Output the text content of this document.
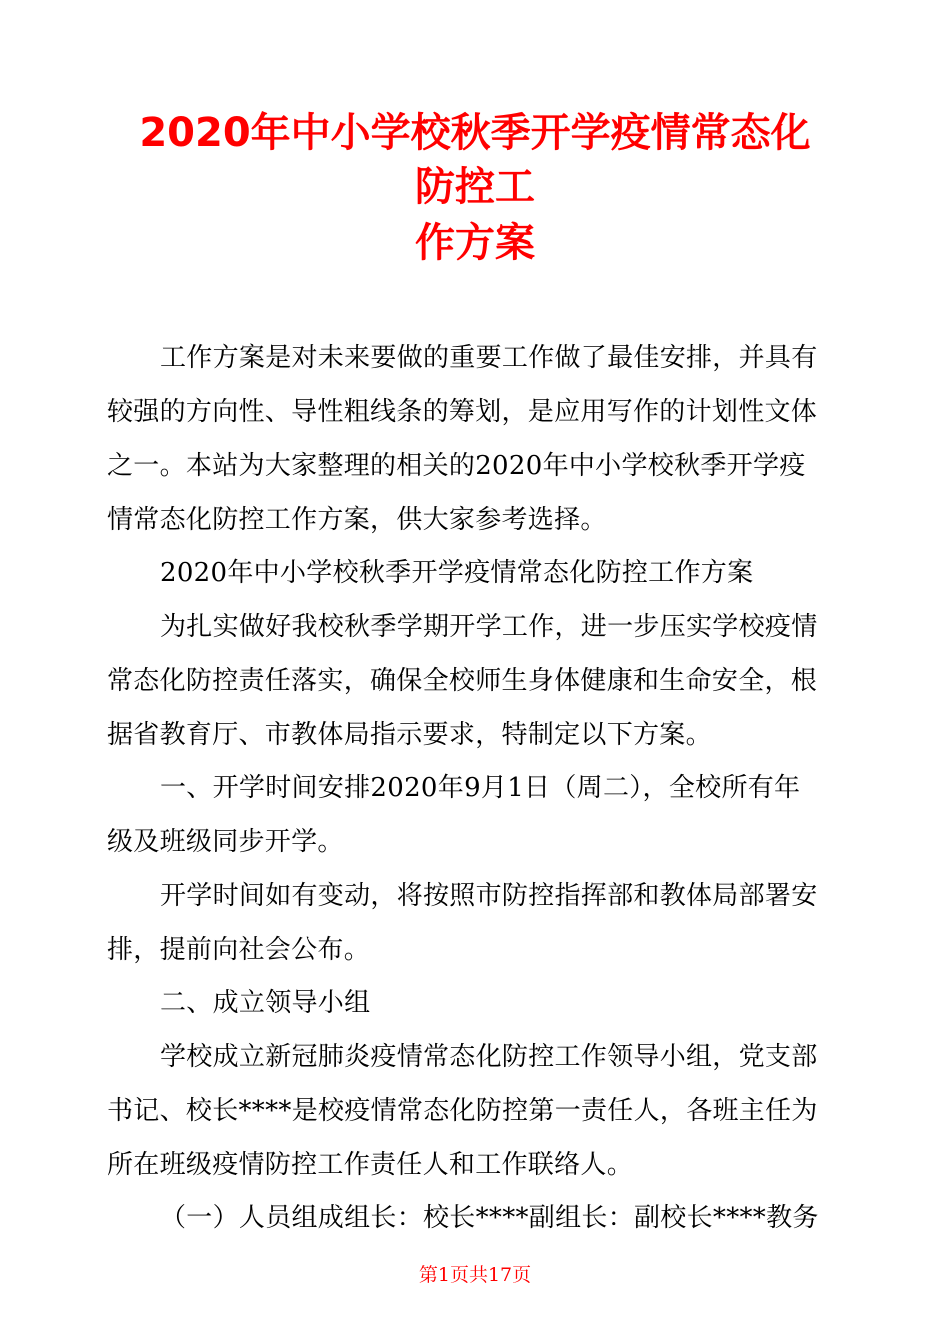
2020年中小学校秋季开学疫情常态化
防控工
作方案
工作方案是对未来要做的重要工作做了最佳安排，并具有
较强的方向性、导性粗线条的筹划，是应用写作的计划性文体
之一。本站为大家整理的相关的2020年中小学校秋季开学疫
情常态化防控工作方案，供大家参考选择。
2020年中小学校秋季开学疫情常态化防控工作方案
为扎实做好我校秋季学期开学工作，进一步压实学校疫情
常态化防控责任落实，确保全校师生身体健康和生命安全，根
据省教育厅、市教体局指示要求，特制定以下方案。
一、开学时间安排2020年9月1日（周二），全校所有年
级及班级同步开学。
开学时间如有变动，将按照市防控指挥部和教体局部署安
排，提前向社会公布。
二、成立领导小组
学校成立新冠肺炎疫情常态化防控工作领导小组，党支部
书记、校长****是校疫情常态化防控第一责任人，各班主任为
所在班级疫情防控工作责任人和工作联络人。
（一）人员组成组长：校长****副组长：副校长****教务
第1页共17页
